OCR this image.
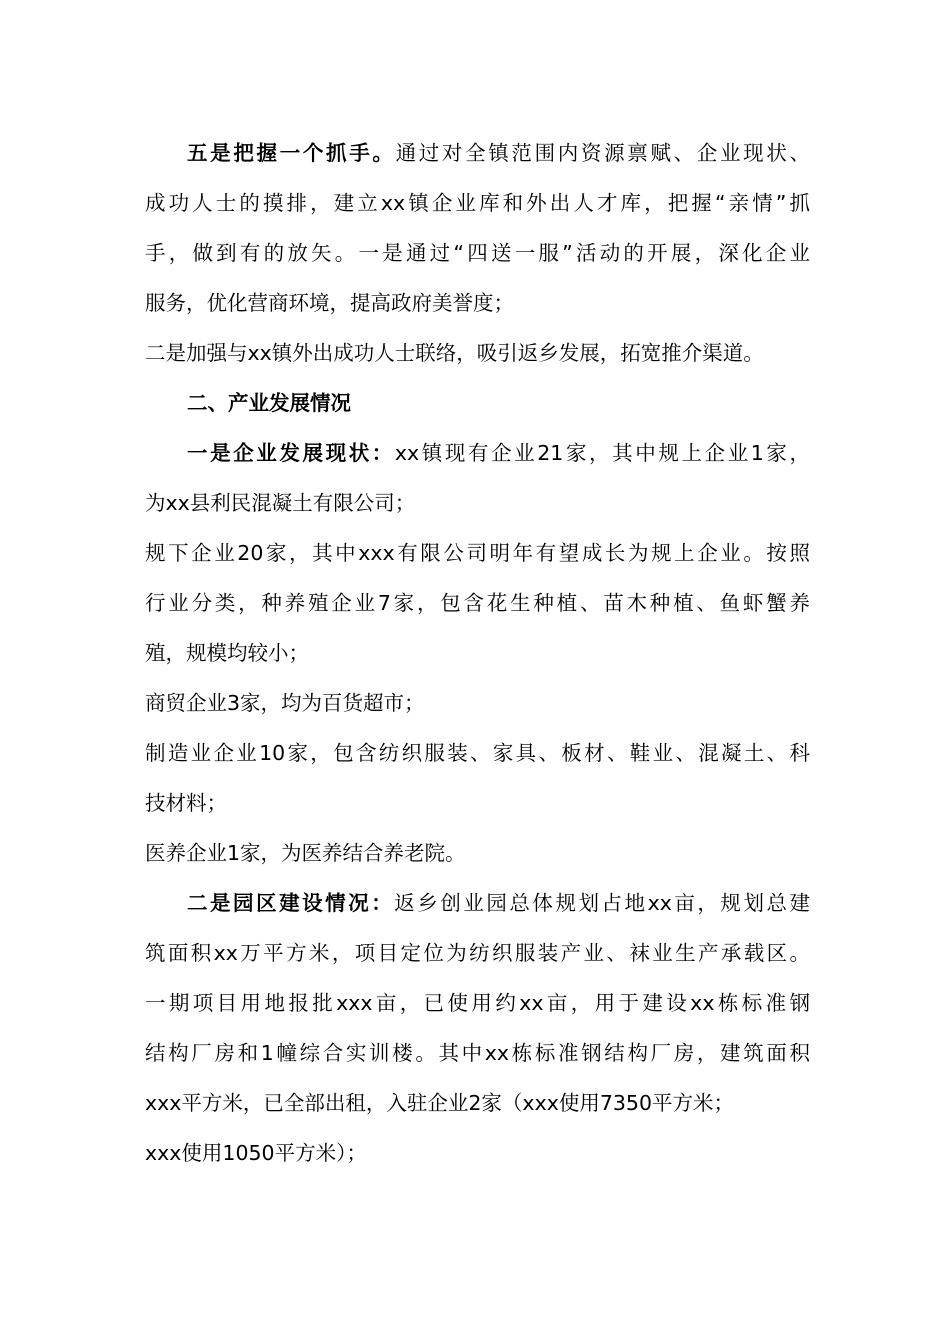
五是把握一个抓手。通过对全镇范围内资源禀赋、企业现状、
成功人士的摸排，建立xx镇企业库和外出人才库，把握“亲情”抓
手，做到有的放矢。一是通过“四送一服”活动的开展，深化企业
服务，优化营商环境，提高政府美誉度；
二是加强与xx镇外出成功人士联络，吸引返乡发展，拓宽推介渠道。
二、产业发展情况
一是企业发展现状：xx镇现有企业21家，其中规上企业1家，
为xx县利民混凝土有限公司；
规下企业20家，其中xxx有限公司明年有望成长为规上企业。按照
行业分类，种养殖企业7家，包含花生种植、苗木种植、鱼虾蟹养
殖，规模均较小；
商贸企业3家，均为百货超市；
制造业企业10家，包含纺织服装、家具、板材、鞋业、混凝土、科
技材料；
医养企业1家，为医养结合养老院。
二是园区建设情况：返乡创业园总体规划占地xx亩，规划总建
筑面积xx万平方米，项目定位为纺织服装产业、袜业生产承载区。
一期项目用地报批xxx亩，已使用约xx亩，用于建设xx栋标准钢
结构厂房和1幢综合实训楼。其中xx栋标准钢结构厂房，建筑面积
xxx平方米，已全部出租，入驻企业2家（xxx使用7350平方米；
xxx使用1050平方米）；
